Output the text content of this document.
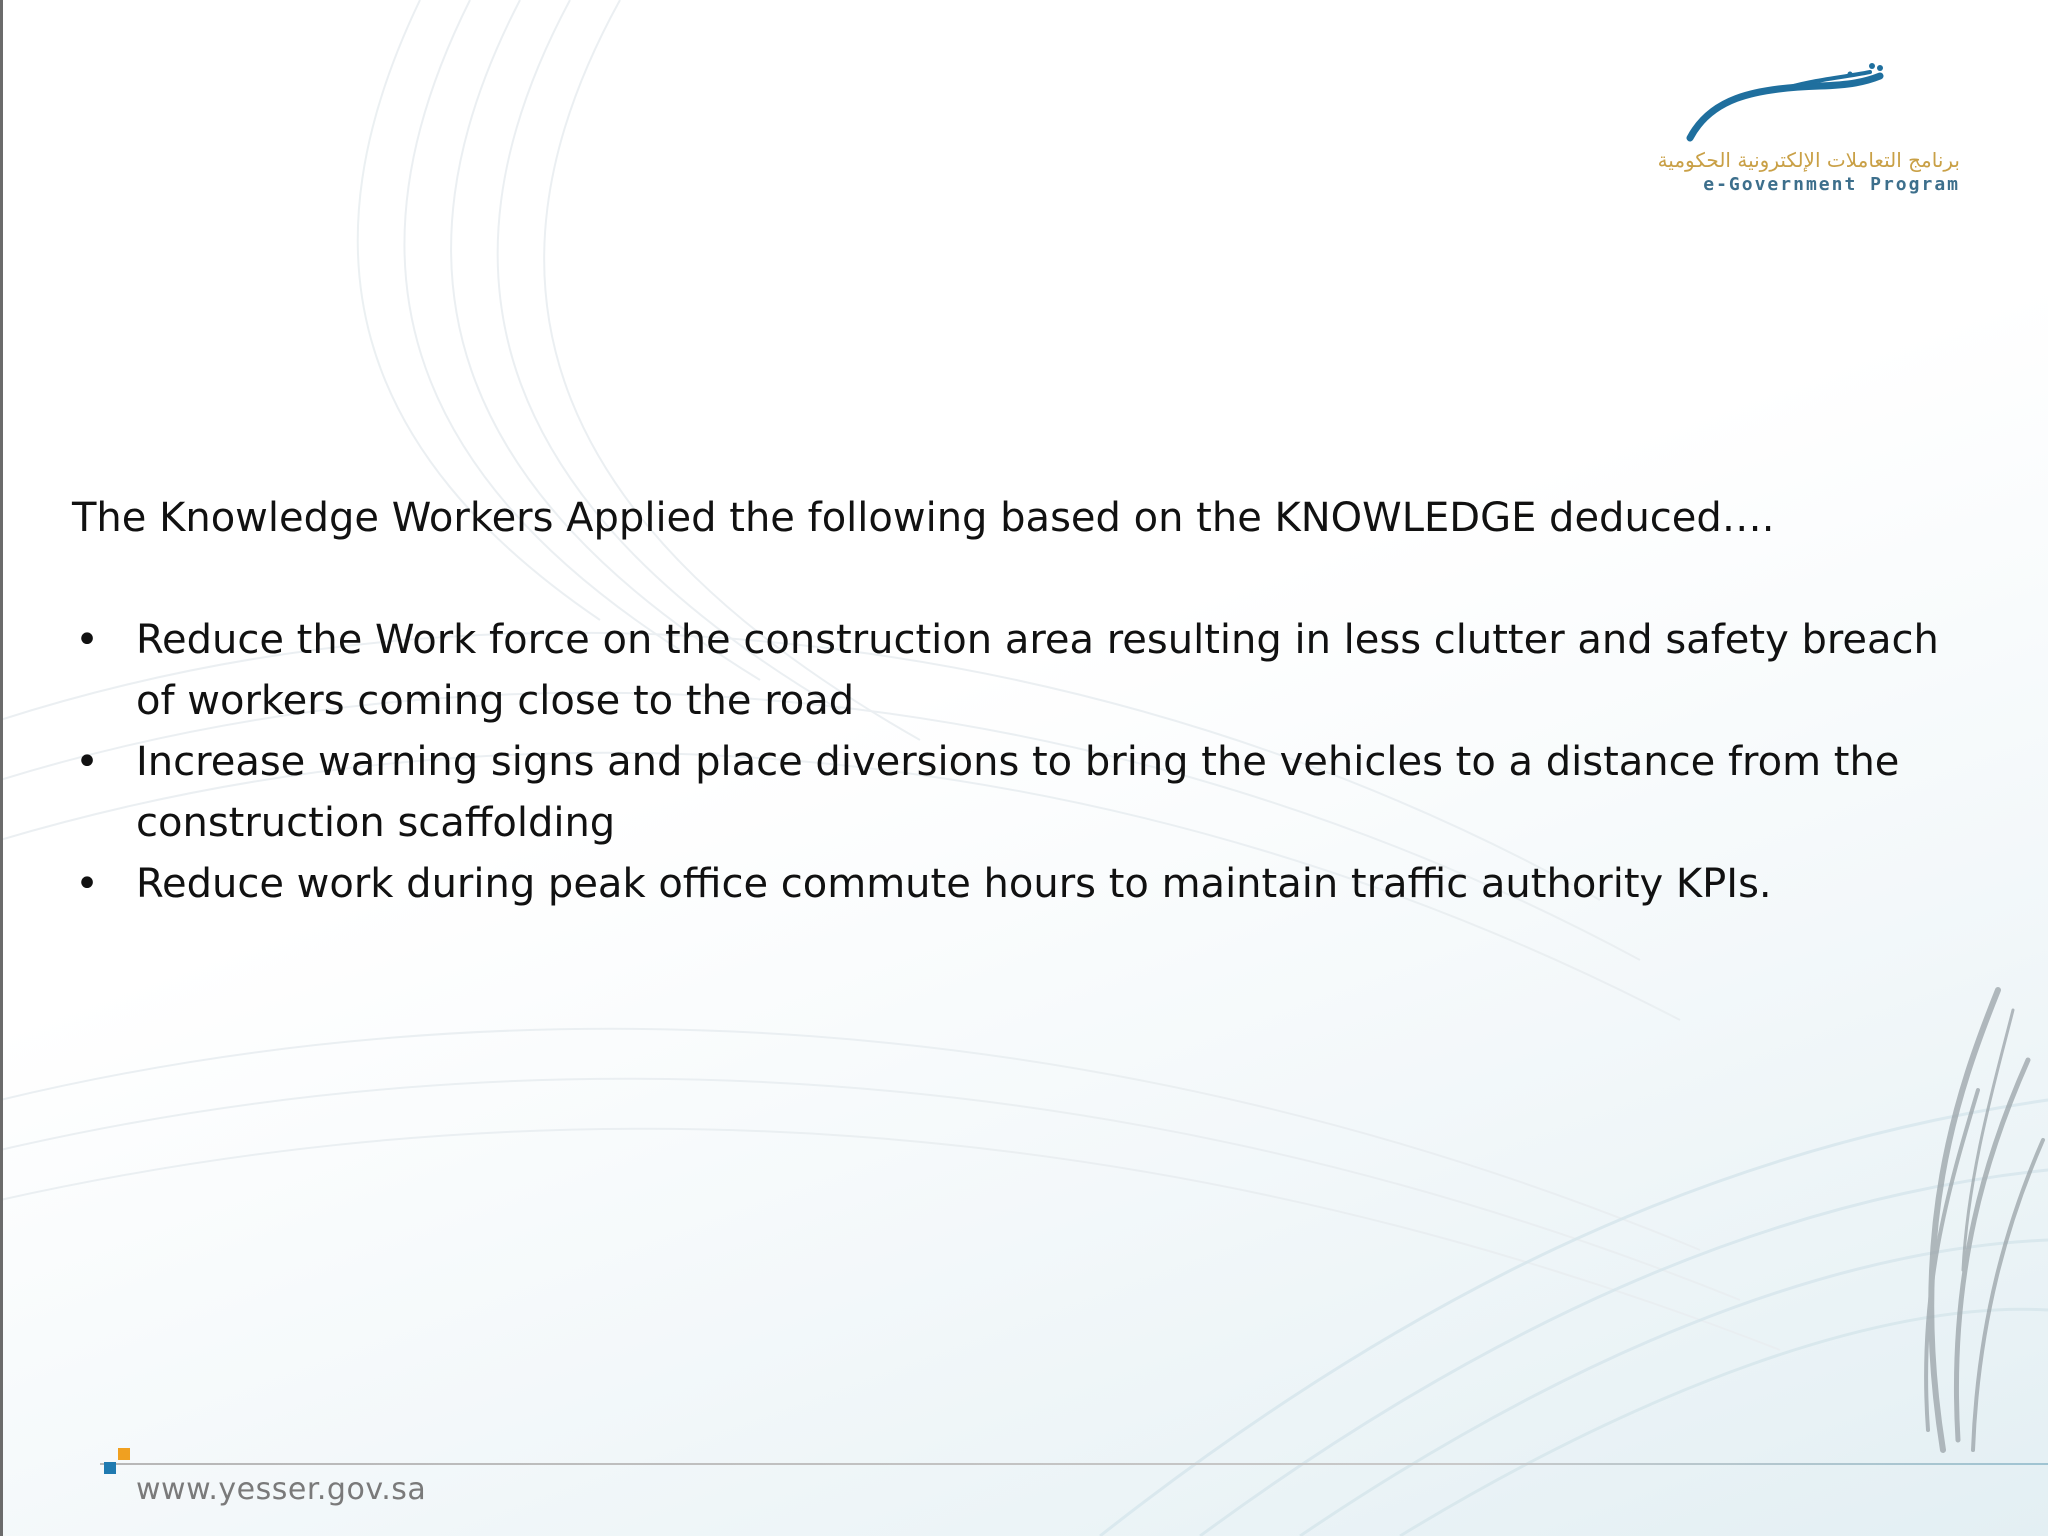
برنامج التعاملات الإلكترونية الحكومية
e-Government Program

The Knowledge Workers Applied the following based on the KNOWLEDGE deduced….

• Reduce the Work force on the construction area resulting in less clutter and safety breach of workers coming close to the road
• Increase warning signs and place diversions to bring the vehicles to a distance from the construction scaffolding
• Reduce work during peak office commute hours to maintain traffic authority KPIs.
www.yesser.gov.sa
